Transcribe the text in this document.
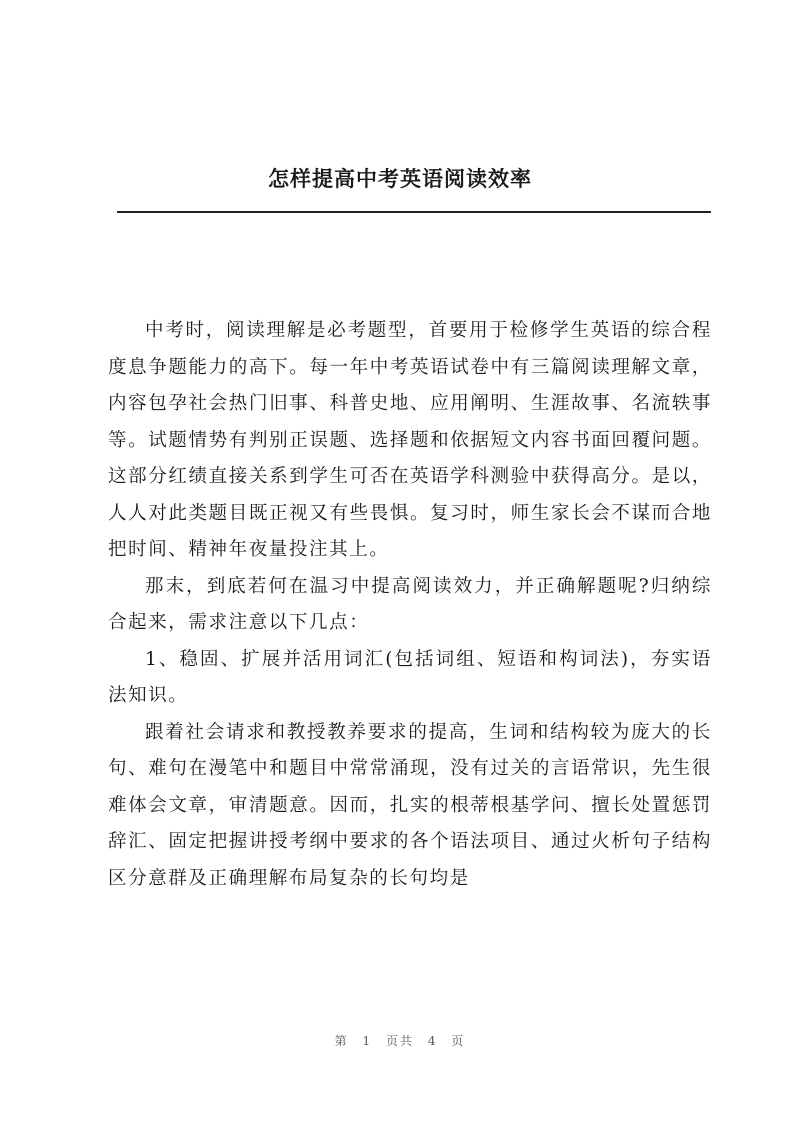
怎样提高中考英语阅读效率

中考时，阅读理解是必考题型，首要用于检修学生英语的综合程度息争题能力的高下。每一年中考英语试卷中有三篇阅读理解文章，内容包孕社会热门旧事、科普史地、应用阐明、生涯故事、名流轶事等。试题情势有判别正误题、选择题和依据短文内容书面回覆问题。这部分红绩直接关系到学生可否在英语学科测验中获得高分。是以，人人对此类题目既正视又有些畏惧。复习时，师生家长会不谋而合地把时间、精神年夜量投注其上。

那末，到底若何在温习中提高阅读效力，并正确解题呢?归纳综合起来，需求注意以下几点：

1、稳固、扩展并活用词汇(包括词组、短语和构词法)，夯实语法知识。

跟着社会请求和教授教养要求的提高，生词和结构较为庞大的长句、难句在漫笔中和题目中常常涌现，没有过关的言语常识，先生很难体会文章，审清题意。因而，扎实的根蒂根基学问、擅长处置惩罚辞汇、固定把握讲授考纲中要求的各个语法项目、通过火析句子结构区分意群及正确理解布局复杂的长句均是

第 1 页共 4 页
